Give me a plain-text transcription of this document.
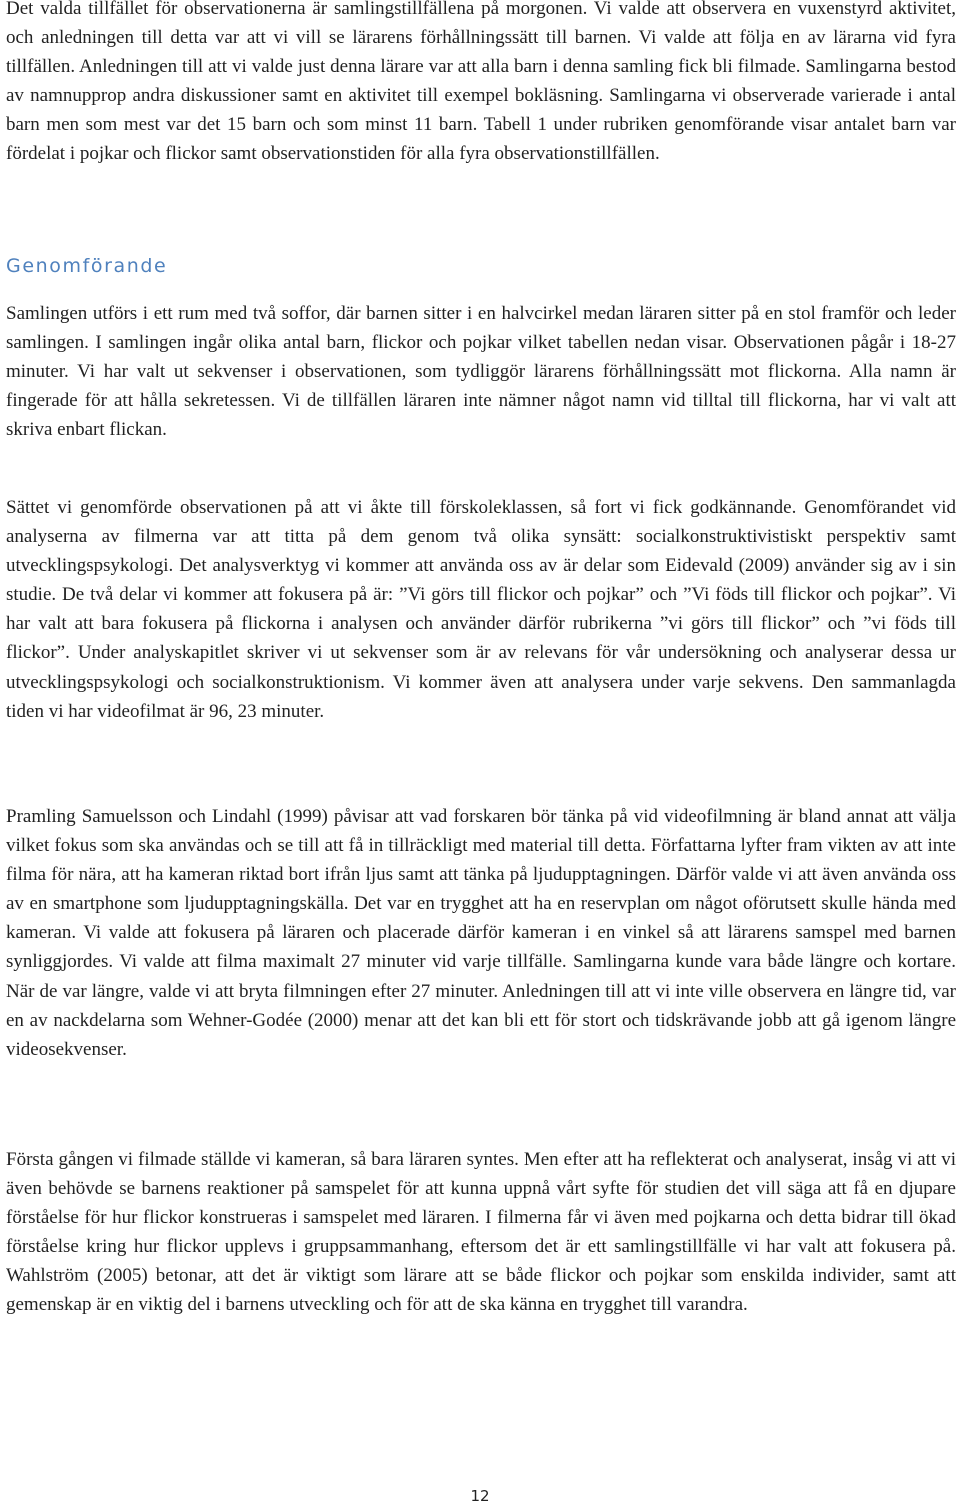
Det valda tillfället för observationerna är samlingstillfällena på morgonen. Vi valde att observera en vuxenstyrd aktivitet, och anledningen till detta var att vi vill se lärarens förhållningssätt till barnen. Vi valde att följa en av lärarna vid fyra tillfällen. Anledningen till att vi valde just denna lärare var att alla barn i denna samling fick bli filmade. Samlingarna bestod av namnupprop andra diskussioner samt en aktivitet till exempel bokläsning. Samlingarna vi observerade varierade i antal barn men som mest var det 15 barn och som minst 11 barn. Tabell 1 under rubriken genomförande visar antalet barn var fördelat i pojkar och flickor samt observationstiden för alla fyra observationstillfällen.

Genomförande

Samlingen utförs i ett rum med två soffor, där barnen sitter i en halvcirkel medan läraren sitter på en stol framför och leder samlingen. I samlingen ingår olika antal barn, flickor och pojkar vilket tabellen nedan visar. Observationen pågår i 18-27 minuter. Vi har valt ut sekvenser i observationen, som tydliggör lärarens förhållningssätt mot flickorna. Alla namn är fingerade för att hålla sekretessen. Vi de tillfällen läraren inte nämner något namn vid tilltal till flickorna, har vi valt att skriva enbart flickan.

Sättet vi genomförde observationen på att vi åkte till förskoleklassen, så fort vi fick godkännande. Genomförandet vid analyserna av filmerna var att titta på dem genom två olika synsätt: socialkonstruktivistiskt perspektiv samt utvecklingspsykologi. Det analysverktyg vi kommer att använda oss av är delar som Eidevald (2009) använder sig av i sin studie. De två delar vi kommer att fokusera på är: ”Vi görs till flickor och pojkar” och ”Vi föds till flickor och pojkar”. Vi har valt att bara fokusera på flickorna i analysen och använder därför rubrikerna ”vi görs till flickor” och ”vi föds till flickor”. Under analyskapitlet skriver vi ut sekvenser som är av relevans för vår undersökning och analyserar dessa ur utvecklingspsykologi och socialkonstruktionism. Vi kommer även att analysera under varje sekvens. Den sammanlagda tiden vi har videofilmat är 96, 23 minuter.

Pramling Samuelsson och Lindahl (1999) påvisar att vad forskaren bör tänka på vid videofilmning är bland annat att välja vilket fokus som ska användas och se till att få in tillräckligt med material till detta. Författarna lyfter fram vikten av att inte filma för nära, att ha kameran riktad bort ifrån ljus samt att tänka på ljudupptagningen. Därför valde vi att även använda oss av en smartphone som ljudupptagningskälla. Det var en trygghet att ha en reservplan om något oförutsett skulle hända med kameran. Vi valde att fokusera på läraren och placerade därför kameran i en vinkel så att lärarens samspel med barnen synliggjordes. Vi valde att filma maximalt 27 minuter vid varje tillfälle. Samlingarna kunde vara både längre och kortare. När de var längre, valde vi att bryta filmningen efter 27 minuter. Anledningen till att vi inte ville observera en längre tid, var en av nackdelarna som Wehner-Godée (2000) menar att det kan bli ett för stort och tidskrävande jobb att gå igenom längre videosekvenser.

Första gången vi filmade ställde vi kameran, så bara läraren syntes. Men efter att ha reflekterat och analyserat, insåg vi att vi även behövde se barnens reaktioner på samspelet för att kunna uppnå vårt syfte för studien det vill säga att få en djupare förståelse för hur flickor konstrueras i samspelet med läraren. I filmerna får vi även med pojkarna och detta bidrar till ökad förståelse kring hur flickor upplevs i gruppsammanhang, eftersom det är ett samlingstillfälle vi har valt att fokusera på. Wahlström (2005) betonar, att det är viktigt som lärare att se både flickor och pojkar som enskilda individer, samt att gemenskap är en viktig del i barnens utveckling och för att de ska känna en trygghet till varandra.

12
